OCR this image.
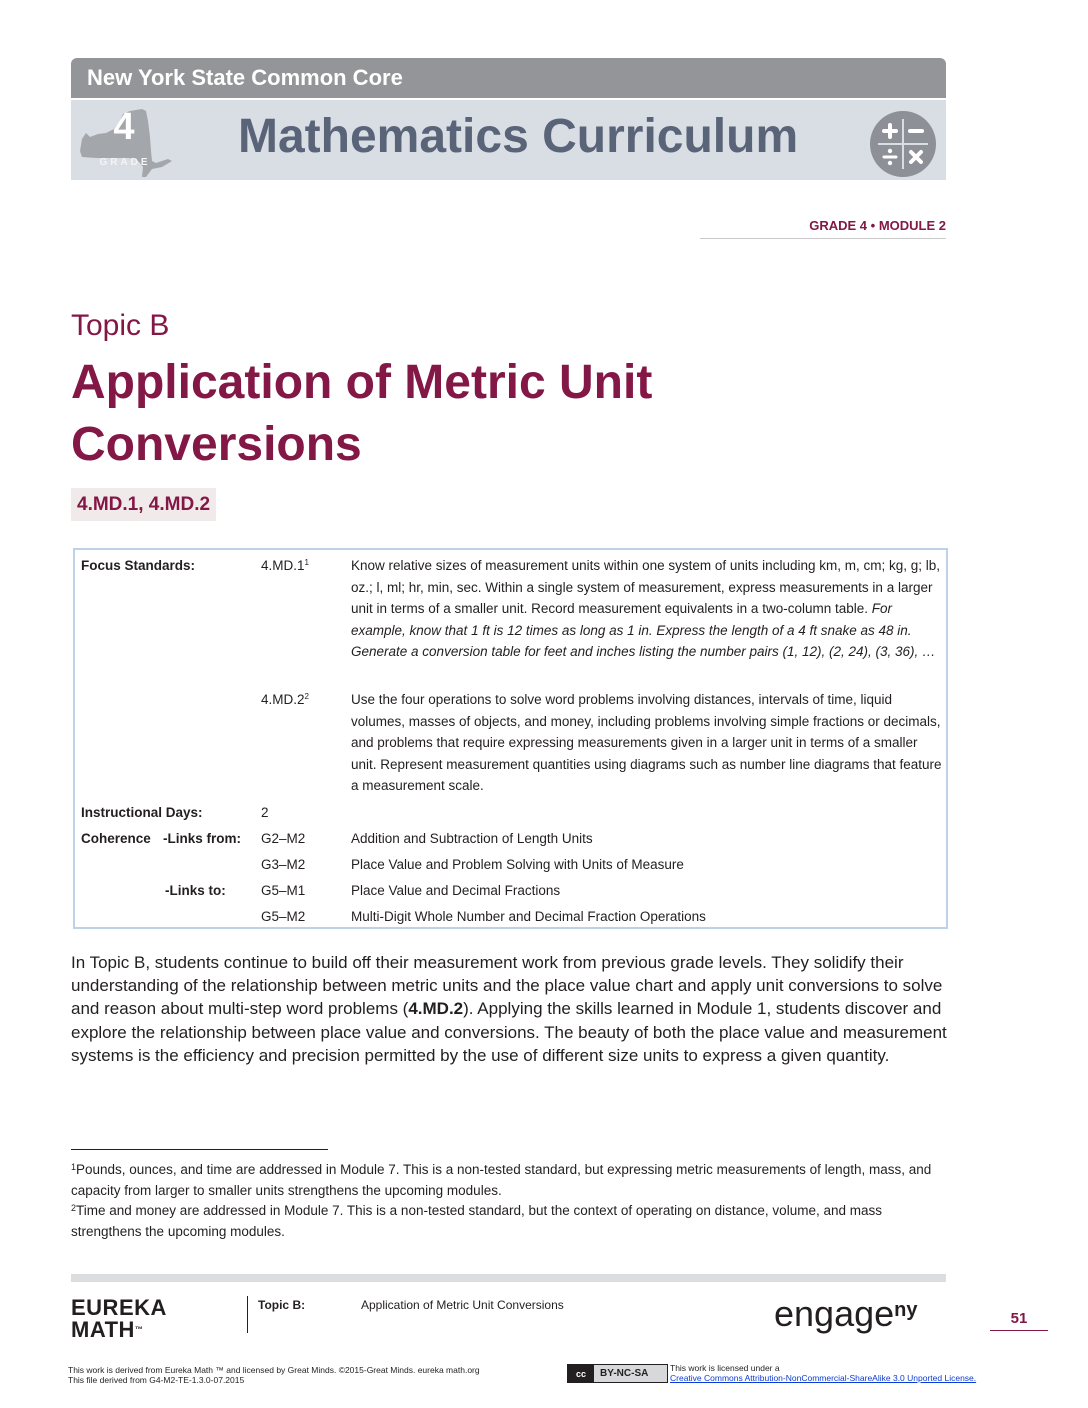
New York State Common Core
4
GRADE Mathematics Curriculum
GRADE 4 • MODULE 2
Topic B
Application of Metric Unit
Conversions
4.MD.1, 4.MD.2
Focus Standards:	$4.MD.1^1$	Know relative sizes of measurement units within one system of units including km, m, cm; kg, g; lb, oz.; l, ml; hr, min, sec. Within a single system of measurement, express measurements in a larger unit in terms of a smaller unit. Record measurement equivalents in a two-column table. For example, know that 1 ft is 12 times as long as 1 in. Express the length of a 4 ft snake as 48 in. Generate a conversion table for feet and inches listing the number pairs (1, 12), (2, 24), (3, 36), …
$4.MD.2^2$	Use the four operations to solve word problems involving distances, intervals of time, liquid volumes, masses of objects, and money, including problems involving simple fractions or decimals, and problems that require expressing measurements given in a larger unit in terms of a smaller unit. Represent measurement quantities using diagrams such as number line diagrams that feature a measurement scale.
Instructional Days:	2
Coherence -Links from: G2–M2	Addition and Subtraction of Length Units
G3–M2	Place Value and Problem Solving with Units of Measure
-Links to:	G5–M1	Place Value and Decimal Fractions
G5–M2	Multi-Digit Whole Number and Decimal Fraction Operations
In Topic B, students continue to build off their measurement work from previous grade levels. They solidify their understanding of the relationship between metric units and the place value chart and apply unit conversions to solve and reason about multi-step word problems (4.MD.2). Applying the skills learned in Module 1, students discover and explore the relationship between place value and conversions. The beauty of both the place value and measurement systems is the efficiency and precision permitted by the use of different size units to express a given quantity.
$^1$Pounds, ounces, and time are addressed in Module 7. This is a non-tested standard, but expressing metric measurements of length, mass, and capacity from larger to smaller units strengthens the upcoming modules.
$^2$Time and money are addressed in Module 7. This is a non-tested standard, but the context of operating on distance, volume, and mass strengthens the upcoming modules.
EUREKA
MATH™
Topic B:	Application of Metric Unit Conversions	engage$^{ny}$	51
This work is derived from Eureka Math ™ and licensed by Great Minds. ©2015-Great Minds. eureka math.org
This file derived from G4-M2-TE-1.3.0-07.2015
cc	BY-NC-SA	This work is licensed under a
Creative Commons Attribution-NonCommercial-ShareAlike 3.0 Unported License.
